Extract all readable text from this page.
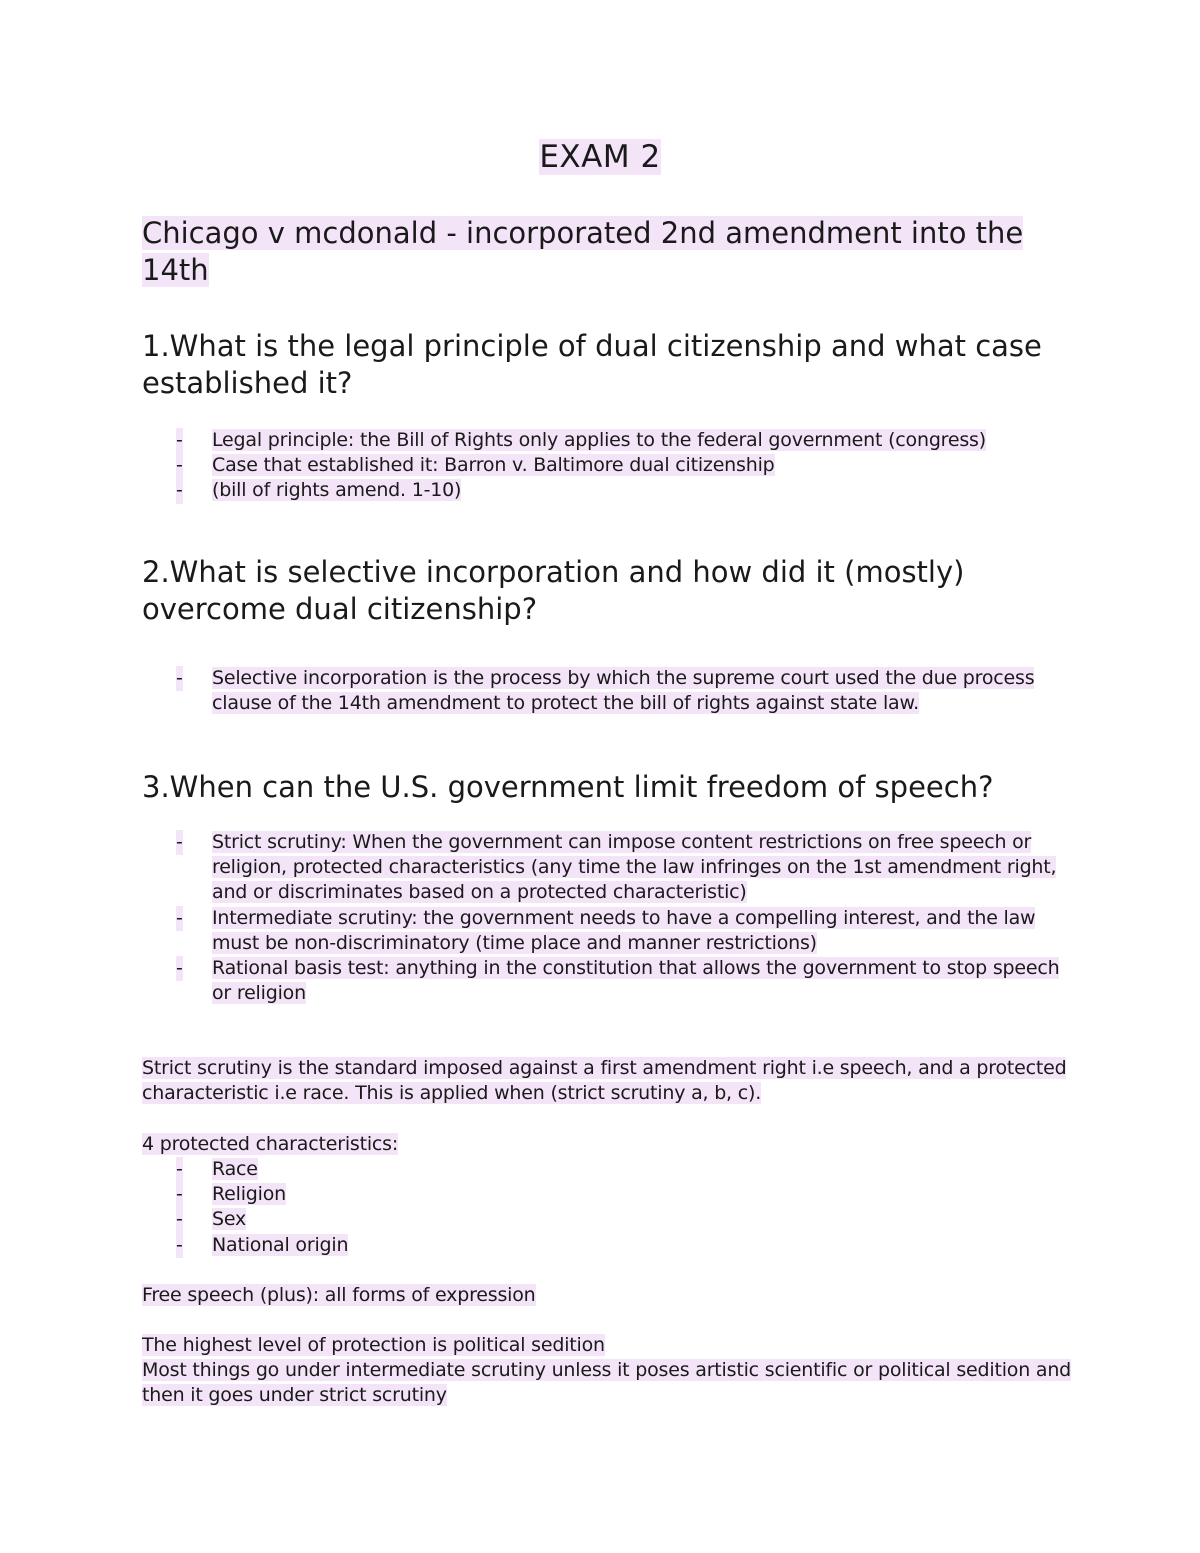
EXAM 2
Chicago v mcdonald - incorporated 2nd amendment into the 14th
1.What is the legal principle of dual citizenship and what case established it?
- Legal principle: the Bill of Rights only applies to the federal government (congress)
- Case that established it: Barron v. Baltimore dual citizenship
- (bill of rights amend. 1-10)
2.What is selective incorporation and how did it (mostly) overcome dual citizenship?
- Selective incorporation is the process by which the supreme court used the due process clause of the 14th amendment to protect the bill of rights against state law.
3.When can the U.S. government limit freedom of speech?
- Strict scrutiny: When the government can impose content restrictions on free speech or religion, protected characteristics (any time the law infringes on the 1st amendment right, and or discriminates based on a protected characteristic)
- Intermediate scrutiny: the government needs to have a compelling interest, and the law must be non-discriminatory (time place and manner restrictions)
- Rational basis test: anything in the constitution that allows the government to stop speech or religion

Strict scrutiny is the standard imposed against a first amendment right i.e speech, and a protected characteristic i.e race. This is applied when (strict scrutiny a, b, c).

4 protected characteristics:

- Race
- Religion
- Sex
- National origin

Free speech (plus): all forms of expression

The highest level of protection is political sedition

Most things go under intermediate scrutiny unless it poses artistic scientific or political sedition and then it goes under strict scrutiny
